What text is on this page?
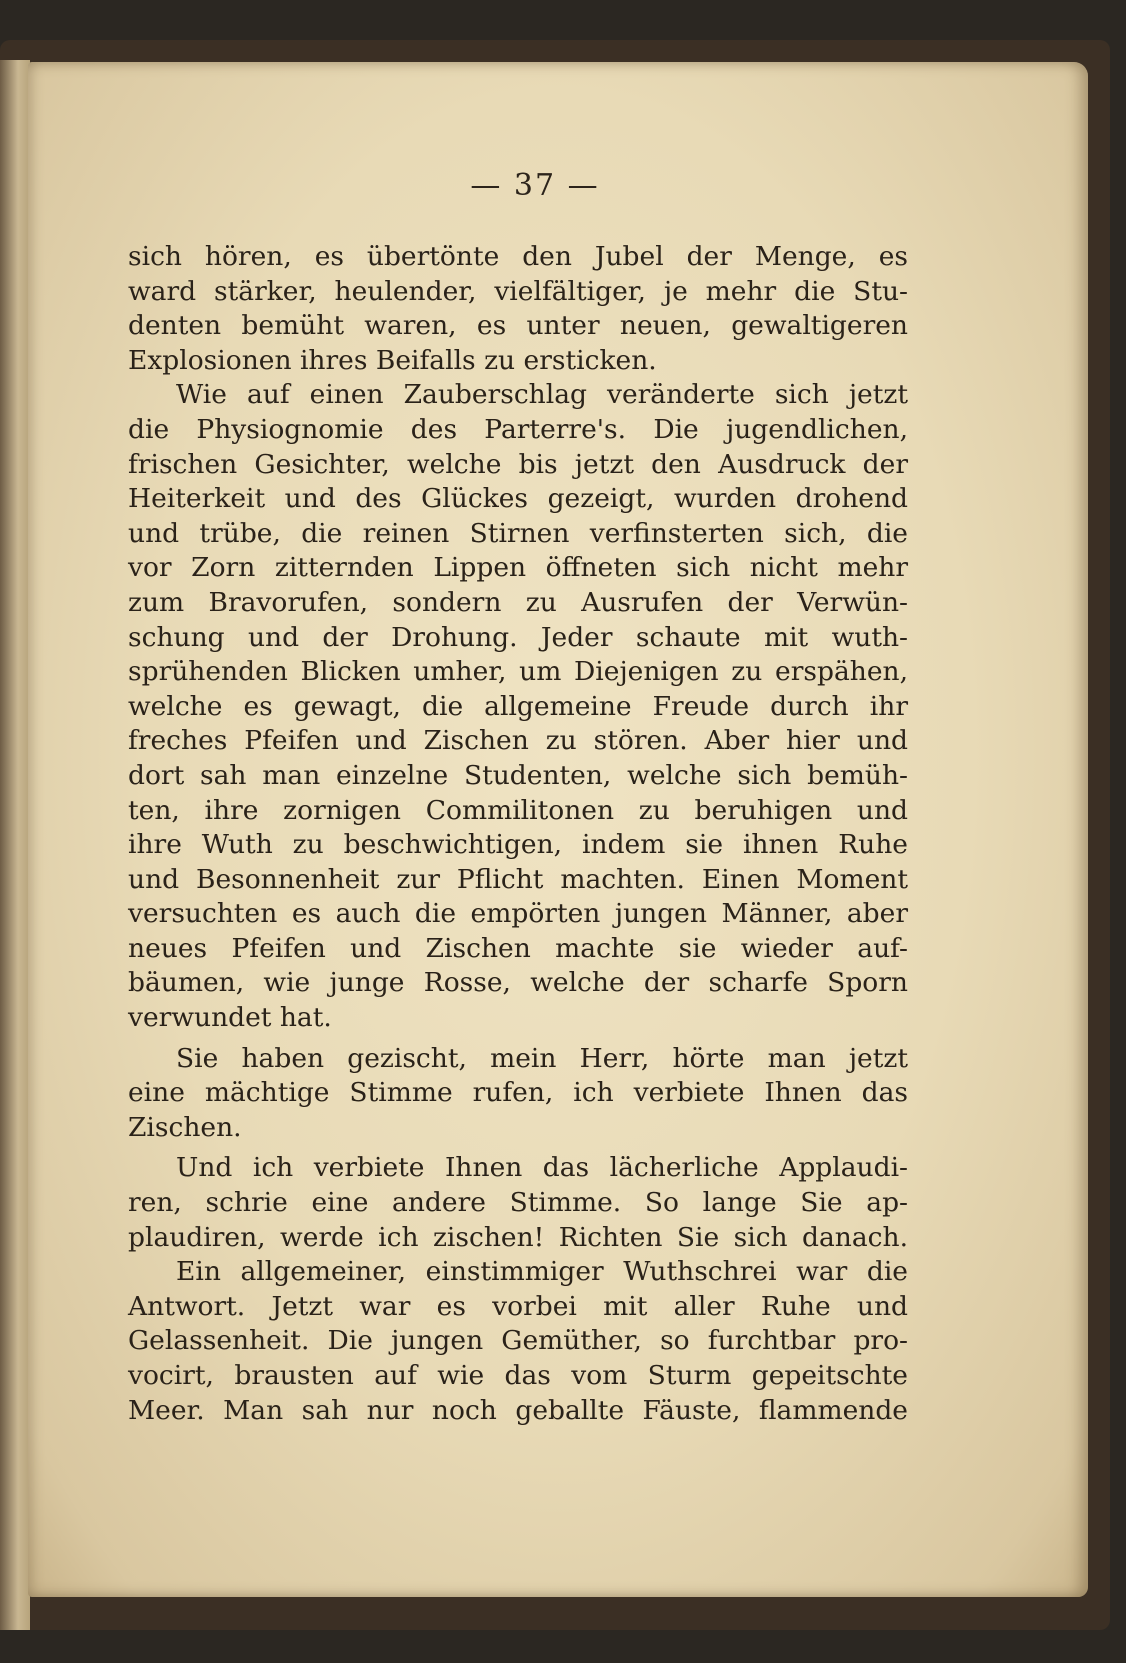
— 37 —
sich hören, es übertönte den Jubel der Menge, es
ward stärker, heulender, vielfältiger, je mehr die Stu-
denten bemüht waren, es unter neuen, gewaltigeren
Explosionen ihres Beifalls zu ersticken.
Wie auf einen Zauberschlag veränderte sich jetzt
die Physiognomie des Parterre's. Die jugendlichen,
frischen Gesichter, welche bis jetzt den Ausdruck der
Heiterkeit und des Glückes gezeigt, wurden drohend
und trübe, die reinen Stirnen verfinsterten sich, die
vor Zorn zitternden Lippen öffneten sich nicht mehr
zum Bravorufen, sondern zu Ausrufen der Verwün-
schung und der Drohung. Jeder schaute mit wuth-
sprühenden Blicken umher, um Diejenigen zu erspähen,
welche es gewagt, die allgemeine Freude durch ihr
freches Pfeifen und Zischen zu stören. Aber hier und
dort sah man einzelne Studenten, welche sich bemüh-
ten, ihre zornigen Commilitonen zu beruhigen und
ihre Wuth zu beschwichtigen, indem sie ihnen Ruhe
und Besonnenheit zur Pflicht machten. Einen Moment
versuchten es auch die empörten jungen Männer, aber
neues Pfeifen und Zischen machte sie wieder auf-
bäumen, wie junge Rosse, welche der scharfe Sporn
verwundet hat.
Sie haben gezischt, mein Herr, hörte man jetzt
eine mächtige Stimme rufen, ich verbiete Ihnen das
Zischen.
Und ich verbiete Ihnen das lächerliche Applaudi-
ren, schrie eine andere Stimme. So lange Sie ap-
plaudiren, werde ich zischen! Richten Sie sich danach.
Ein allgemeiner, einstimmiger Wuthschrei war die
Antwort. Jetzt war es vorbei mit aller Ruhe und
Gelassenheit. Die jungen Gemüther, so furchtbar pro-
vocirt, brausten auf wie das vom Sturm gepeitschte
Meer. Man sah nur noch geballte Fäuste, flammende
